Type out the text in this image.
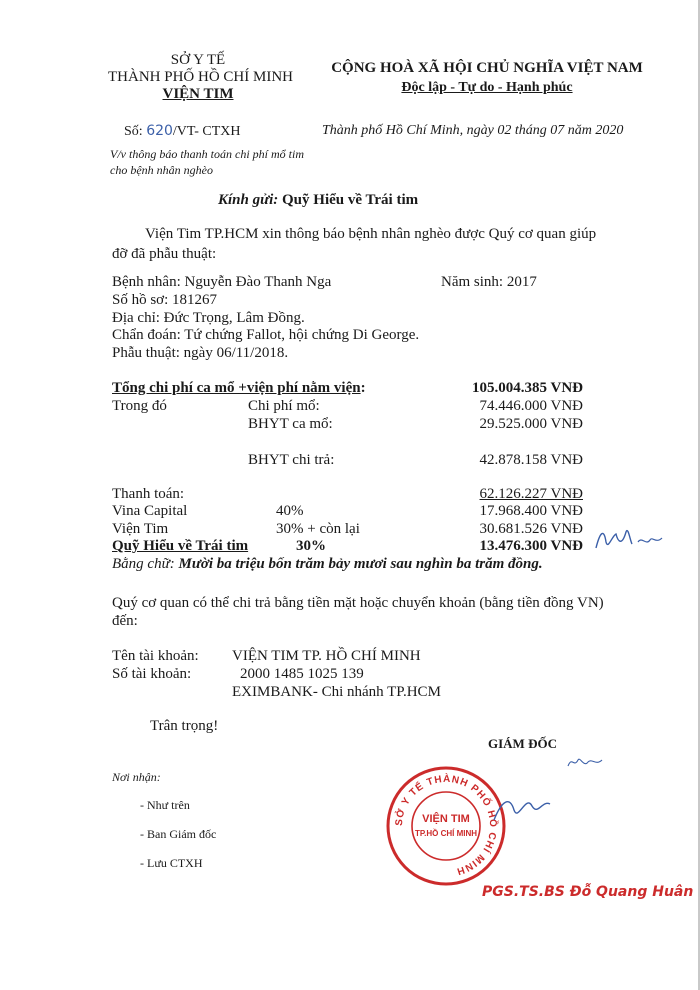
SỞ Y TẾ
THÀNH PHỐ HỒ CHÍ MINH
VIỆN TIM
CỘNG HOÀ XÃ HỘI CHỦ NGHĨA VIỆT NAM
Độc lập - Tự do - Hạnh phúc
Số: 620/VT- CTXH	Thành phố Hồ Chí Minh, ngày 02 tháng 07 năm 2020
V/v thông báo thanh toán chi phí mổ tim
cho bệnh nhân nghèo
Kính gửi: Quỹ Hiểu về Trái tim
Viện Tim TP.HCM xin thông báo bệnh nhân nghèo được Quý cơ quan giúp
đỡ đã phẫu thuật:
Bệnh nhân: Nguyễn Đào Thanh Nga	Năm sinh: 2017
Số hồ sơ: 181267
Địa chỉ: Đức Trọng, Lâm Đồng.
Chẩn đoán: Tứ chứng Fallot, hội chứng Di George.
Phẫu thuật: ngày 06/11/2018.
Tổng chi phí ca mổ +viện phí nằm viện:	105.004.385 VNĐ
Trong đó	Chi phí mổ:	74.446.000 VNĐ
BHYT ca mổ:	29.525.000 VNĐ
BHYT chi trả:	42.878.158 VNĐ
Thanh toán:	62.126.227 VNĐ
Vina Capital	40%	17.968.400 VNĐ
Viện Tim	30% + còn lại	30.681.526 VNĐ
Quỹ Hiểu về Trái tim	30%	13.476.300 VNĐ
Bằng chữ: Mười ba triệu bốn trăm bảy mươi sau nghìn ba trăm đồng.
Quý cơ quan có thể chi trả bằng tiền mặt hoặc chuyển khoản (bằng tiền đồng VN)
đến:
Tên tài khoản: VIỆN TIM TP. HỒ CHÍ MINH
Số tài khoản:	2000 1485 1025 139
EXIMBANK- Chi nhánh TP.HCM
Trân trọng!
GIÁM ĐỐC
SỞ Y TẾ THÀNH PHỐ HỒ CHÍ MINH
VIỆN TIM
TP.HỒ CHÍ MINH
PGS.TS.BS Đỗ Quang Huân
Nơi nhận:
- Như trên
- Ban Giám đốc
- Lưu CTXH
